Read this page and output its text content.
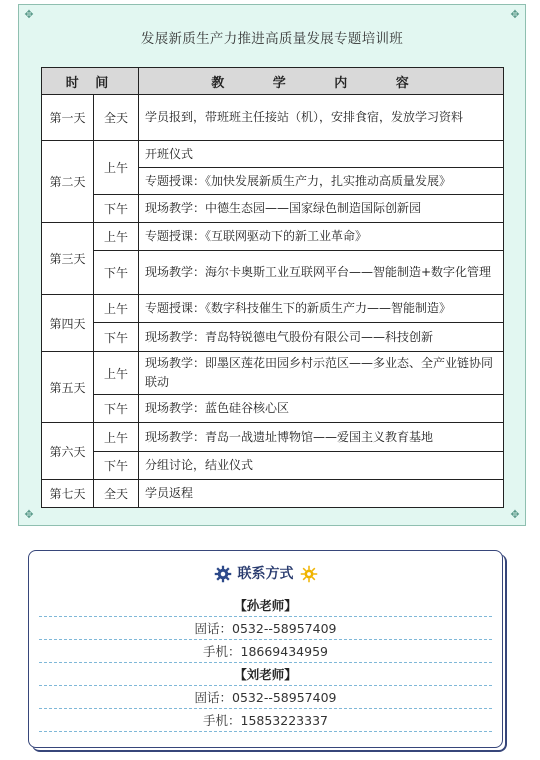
✥	✥
✥	✥
发展新质生产力推进高质量发展专题培训班
时 间		教 学 内 容
第一天	全天	学员报到，带班班主任接站（机），安排食宿，发放学习资料
第二天	上午	开班仪式
		专题授课：《加快发展新质生产力，扎实推动高质量发展》
	下午	现场教学：中德生态园——国家绿色制造国际创新园
第三天	上午	专题授课：《互联网驱动下的新工业革命》
	下午	现场教学：海尔卡奥斯工业互联网平台——智能制造+数字化管理
第四天	上午	专题授课：《数字科技催生下的新质生产力——智能制造》
	下午	现场教学：青岛特锐德电气股份有限公司——科技创新
第五天	上午	现场教学：即墨区莲花田园乡村示范区——多业态、全产业链协同联动
	下午	现场教学：蓝色硅谷核心区
第六天	上午	现场教学：青岛一战遗址博物馆——爱国主义教育基地
	下午	分组讨论，结业仪式
第七天	全天	学员返程
联系方式
【孙老师】
固话：0532--58957409
手机：18669434959
【刘老师】
固话：0532--58957409
手机：15853223337
